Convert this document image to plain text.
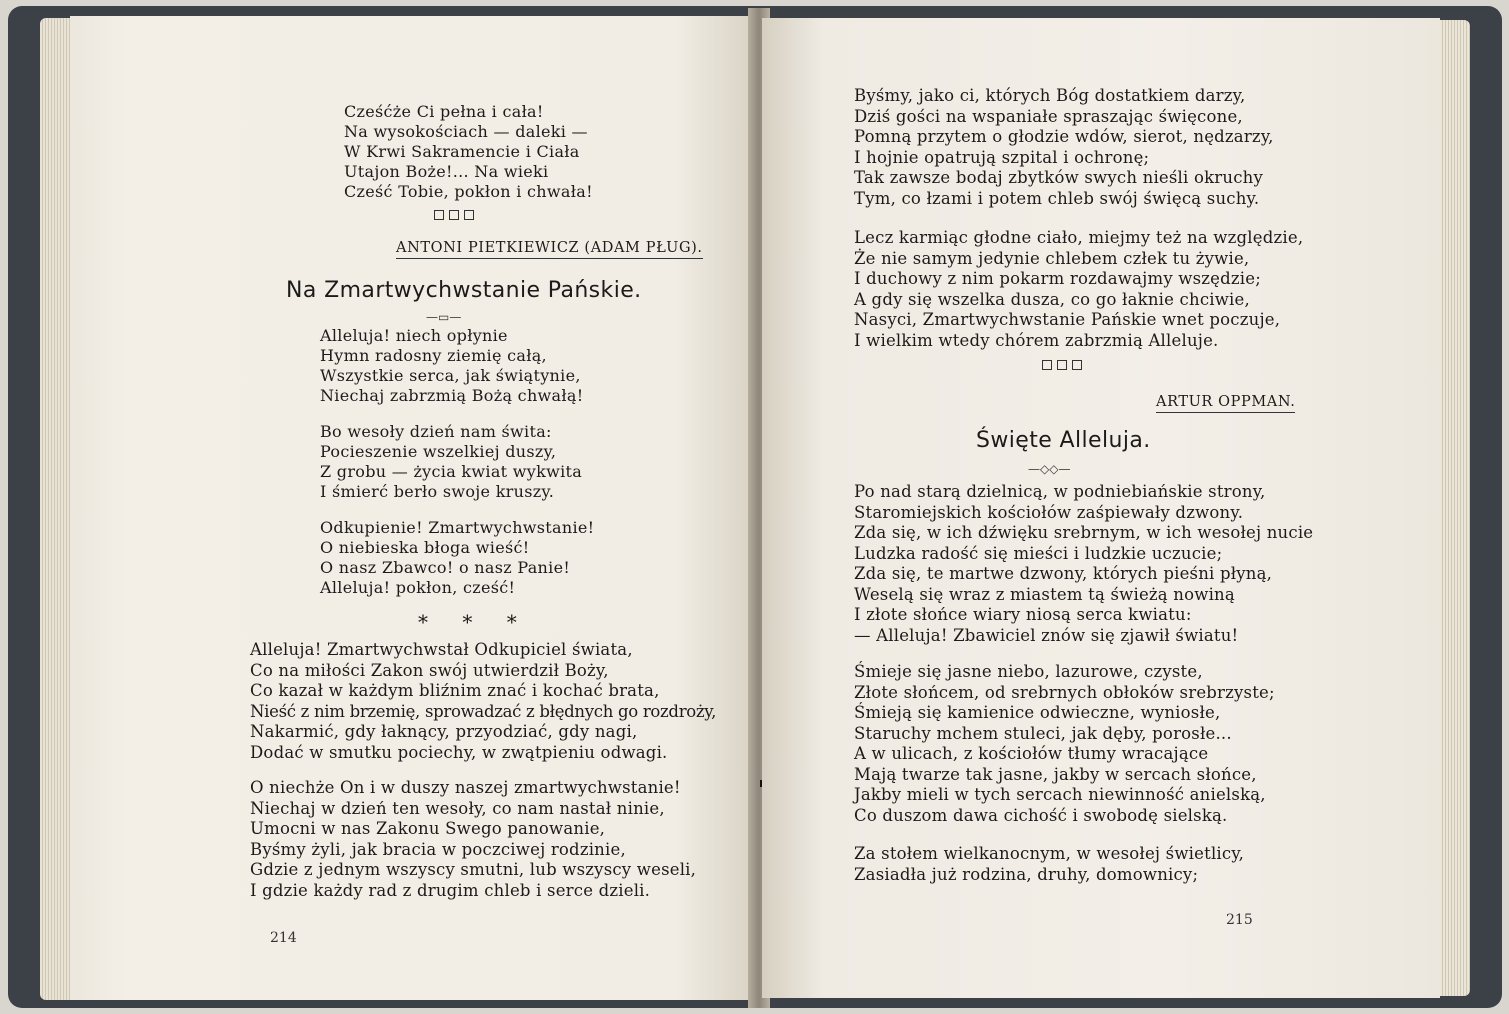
Cześćże Ci pełna i cała!
Na wysokościach — daleki —
W Krwi Sakramencie i Ciała
Utajon Boże!... Na wieki
Cześć Tobie, pokłon i chwała!
ANTONI PIETKIEWICZ (ADAM PŁUG).
Na Zmartwychwstanie Pańskie.
—▭—
Alleluja! niech opłynie
Hymn radosny ziemię całą,
Wszystkie serca, jak świątynie,
Niechaj zabrzmią Bożą chwałą!
Bo wesoły dzień nam świta:
Pocieszenie wszelkiej duszy,
Z grobu — życia kwiat wykwita
I śmierć berło swoje kruszy.
Odkupienie! Zmartwychwstanie!
O niebieska błoga wieść!
O nasz Zbawco! o nasz Panie!
Alleluja! pokłon, cześć!
* * *
Alleluja! Zmartwychwstał Odkupiciel świata,
Co na miłości Zakon swój utwierdził Boży,
Co kazał w każdym bliźnim znać i kochać brata,
Nieść z nim brzemię, sprowadzać z błędnych go rozdroży,
Nakarmić, gdy łaknący, przyodziać, gdy nagi,
Dodać w smutku pociechy, w zwątpieniu odwagi.
O niechże On i w duszy naszej zmartwychwstanie!
Niechaj w dzień ten wesoły, co nam nastał ninie,
Umocni w nas Zakonu Swego panowanie,
Byśmy żyli, jak bracia w poczciwej rodzinie,
Gdzie z jednym wszyscy smutni, lub wszyscy weseli,
I gdzie każdy rad z drugim chleb i serce dzieli.
214
Byśmy, jako ci, których Bóg dostatkiem darzy,
Dziś gości na wspaniałe spraszając święcone,
Pomną przytem o głodzie wdów, sierot, nędzarzy,
I hojnie opatrują szpital i ochronę;
Tak zawsze bodaj zbytków swych nieśli okruchy
Tym, co łzami i potem chleb swój święcą suchy.
Lecz karmiąc głodne ciało, miejmy też na względzie,
Że nie samym jedynie chlebem człek tu żywie,
I duchowy z nim pokarm rozdawajmy wszędzie;
A gdy się wszelka dusza, co go łaknie chciwie,
Nasyci, Zmartwychwstanie Pańskie wnet poczuje,
I wielkim wtedy chórem zabrzmią Alleluje.
ARTUR OPPMAN.
Święte Alleluja.
—◇◇—
Po nad starą dzielnicą, w podniebiańskie strony,
Staromiejskich kościołów zaśpiewały dzwony.
Zda się, w ich dźwięku srebrnym, w ich wesołej nucie
Ludzka radość się mieści i ludzkie uczucie;
Zda się, te martwe dzwony, których pieśni płyną,
Weselą się wraz z miastem tą świeżą nowiną
I złote słońce wiary niosą serca kwiatu:
— Alleluja! Zbawiciel znów się zjawił światu!
Śmieje się jasne niebo, lazurowe, czyste,
Złote słońcem, od srebrnych obłoków srebrzyste;
Śmieją się kamienice odwieczne, wyniosłe,
Staruchy mchem stuleci, jak dęby, porosłe...
A w ulicach, z kościołów tłumy wracające
Mają twarze tak jasne, jakby w sercach słońce,
Jakby mieli w tych sercach niewinność anielską,
Co duszom dawa cichość i swobodę sielską.
Za stołem wielkanocnym, w wesołej świetlicy,
Zasiadła już rodzina, druhy, domownicy;
215
